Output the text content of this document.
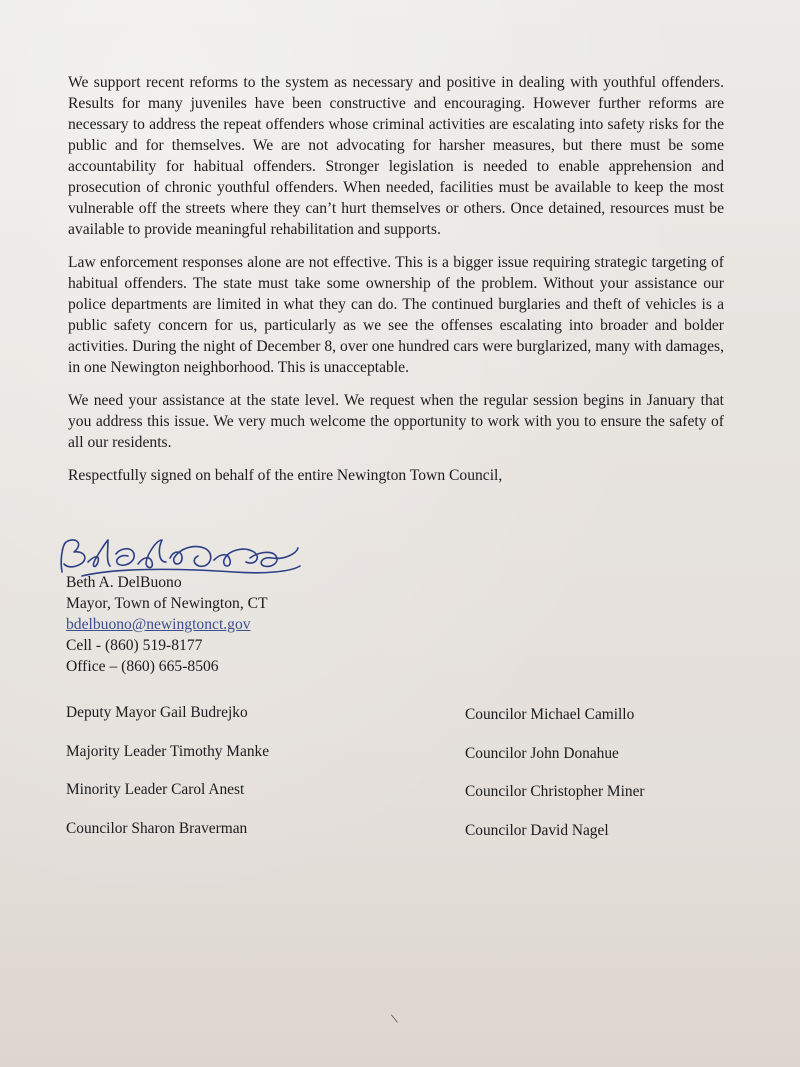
We support recent reforms to the system as necessary and positive in dealing with youthful offenders. Results for many juveniles have been constructive and encouraging. However further reforms are necessary to address the repeat offenders whose criminal activities are escalating into safety risks for the public and for themselves. We are not advocating for harsher measures, but there must be some accountability for habitual offenders. Stronger legislation is needed to enable apprehension and prosecution of chronic youthful offenders. When needed, facilities must be available to keep the most vulnerable off the streets where they can’t hurt themselves or others. Once detained, resources must be available to provide meaningful rehabilitation and supports.

Law enforcement responses alone are not effective. This is a bigger issue requiring strategic targeting of habitual offenders. The state must take some ownership of the problem. Without your assistance our police departments are limited in what they can do. The continued burglaries and theft of vehicles is a public safety concern for us, particularly as we see the offenses escalating into broader and bolder activities. During the night of December 8, over one hundred cars were burglarized, many with damages, in one Newington neighborhood. This is unacceptable.

We need your assistance at the state level. We request when the regular session begins in January that you address this issue. We very much welcome the opportunity to work with you to ensure the safety of all our residents.

Respectfully signed on behalf of the entire Newington Town Council,

Beth A. DelBuono
Mayor, Town of Newington, CT
bdelbuono@newingtonct.gov
Cell - (860) 519-8177
Office – (860) 665-8506
Deputy Mayor Gail Budrejko
Majority Leader Timothy Manke
Minority Leader Carol Anest
Councilor Sharon Braverman
Councilor Michael Camillo
Councilor John Donahue
Councilor Christopher Miner
Councilor David Nagel
\
